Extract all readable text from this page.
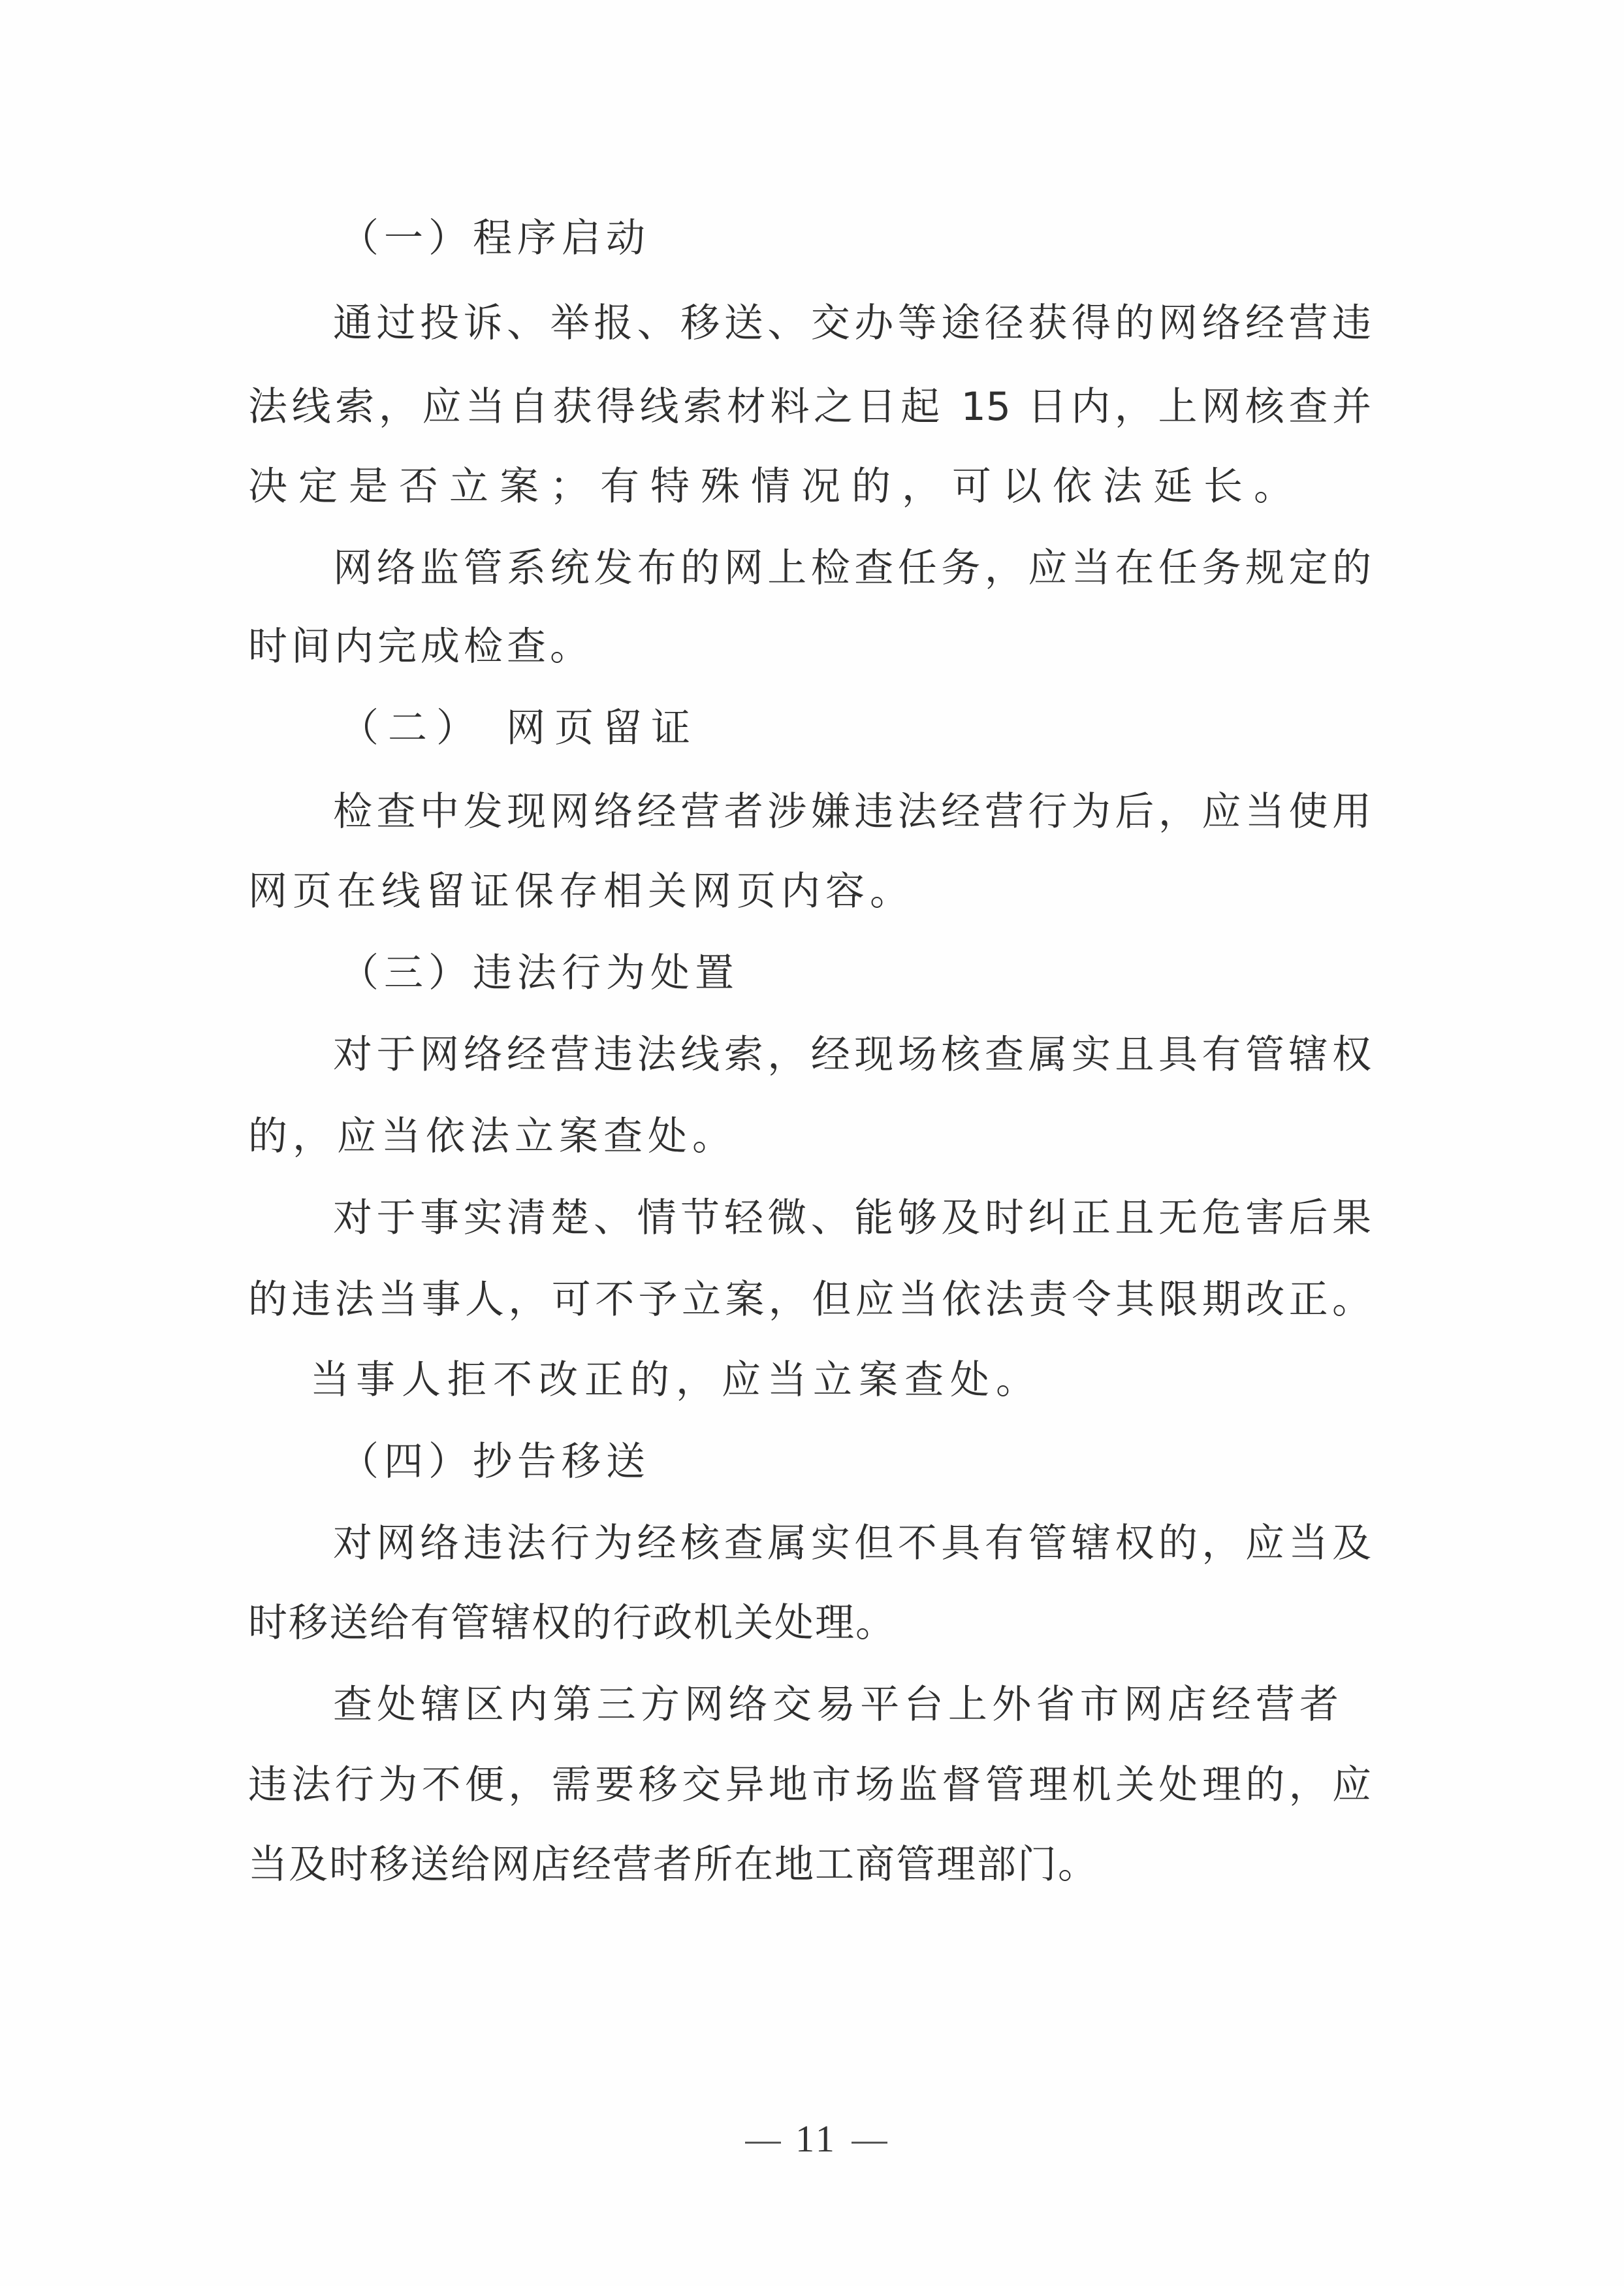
（一）程序启动
通过投诉、举报、移送、交办等途径获得的网络经营违
法线索，应当自获得线索材料之日起 15 日内，上网核查并
决定是否立案；有特殊情况的，可以依法延长。
网络监管系统发布的网上检查任务，应当在任务规定的
时间内完成检查。
（二） 网页留证
检查中发现网络经营者涉嫌违法经营行为后，应当使用
网页在线留证保存相关网页内容。
（三）违法行为处置
对于网络经营违法线索，经现场核查属实且具有管辖权
的，应当依法立案查处。
对于事实清楚、情节轻微、能够及时纠正且无危害后果
的违法当事人，可不予立案，但应当依法责令其限期改正。
当事人拒不改正的，应当立案查处。
（四）抄告移送
对网络违法行为经核查属实但不具有管辖权的，应当及
时移送给有管辖权的行政机关处理。
查处辖区内第三方网络交易平台上外省市网店经营者
违法行为不便，需要移交异地市场监督管理机关处理的，应
当及时移送给网店经营者所在地工商管理部门。
11
